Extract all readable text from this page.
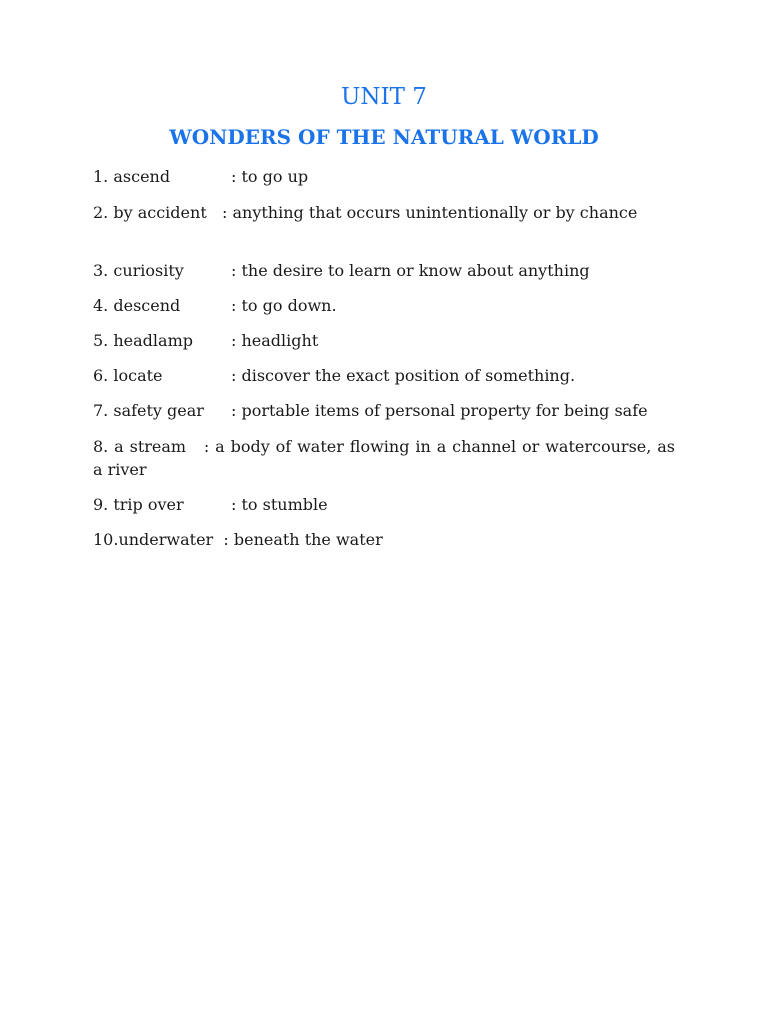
UNIT 7
WONDERS OF THE NATURAL WORLD
1. ascend	: to go up
2. by accident   : anything that occurs unintentionally or by chance
3. curiosity	: the desire to learn or know about anything
4. descend	: to go down.
5. headlamp : headlight
6. locate	: discover the exact position of something.
7. safety gear : portable items of personal property for being safe
8. a stream   : a body of water flowing in a channel or watercourse, as a river
9. trip over	: to stumble
10.underwater  : beneath the water
